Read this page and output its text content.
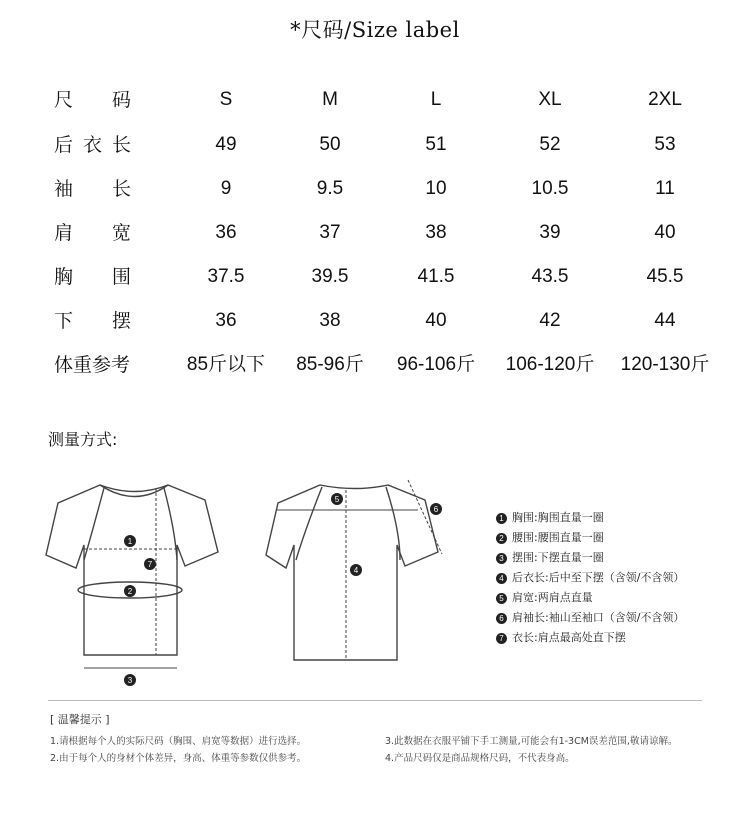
*尺码/Size label
尺 码	S	M	L	XL	2XL
后 衣 长	49	50	51	52	53
袖 长	9	9.5	10	10.5	11
肩 宽	36	37	38	39	40
胸 围	37.5	39.5	41.5	43.5	45.5
下 摆	36	38	40	42	44
体重参考	85斤以下	85-96斤	96-106斤	106-120斤	120-130斤
测量方式:
1
2
3
7
5
4
6
1 胸围:胸围直量一圈
2 腰围:腰围直量一圈
3 摆围:下摆直量一圈
4 后衣长:后中至下摆（含领/不含领）
5 肩宽:两肩点直量
6 肩袖长:袖山至袖口（含领/不含领）
7 衣长:肩点最高处直下摆
[ 温馨提示 ]
1.请根据每个人的实际尺码（胸围、肩宽等数据）进行选择。
2.由于每个人的身材个体差异，身高、体重等参数仅供参考。
3.此数据在衣服平铺下手工测量,可能会有1-3CM误差范围,敬请谅解。
4.产品尺码仅是商品规格尺码，不代表身高。
